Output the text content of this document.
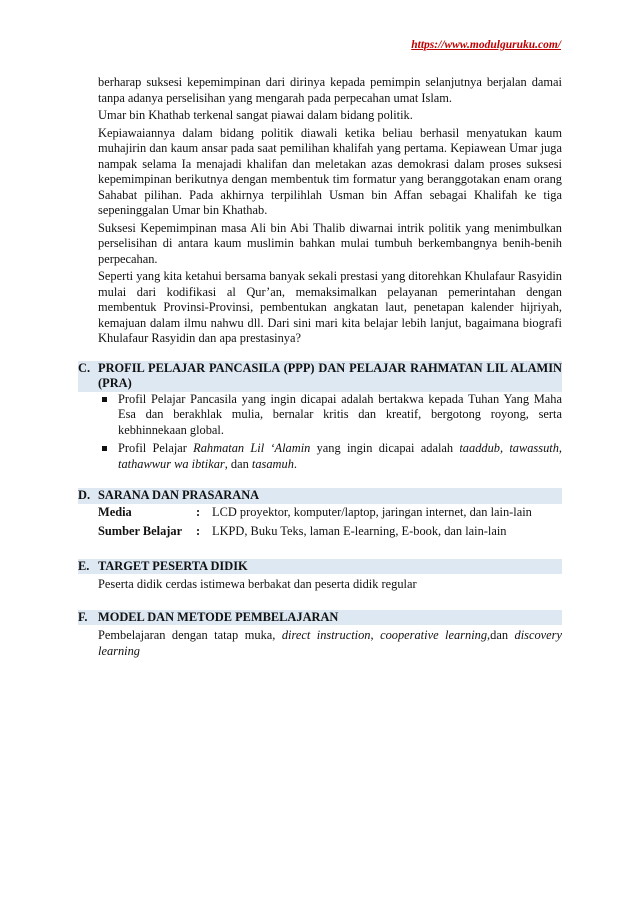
https://www.modulguruku.com/

berharap suksesi kepemimpinan dari dirinya kepada pemimpin selanjutnya berjalan damai tanpa adanya perselisihan yang mengarah pada perpecahan umat Islam.

Umar bin Khathab terkenal sangat piawai dalam bidang politik.

Kepiawaiannya dalam bidang politik diawali ketika beliau berhasil menyatukan kaum muhajirin dan kaum ansar pada saat pemilihan khalifah yang pertama. Kepiawean Umar juga nampak selama Ia menajadi khalifan dan meletakan azas demokrasi dalam proses suksesi kepemimpinan berikutnya dengan membentuk tim formatur yang beranggotakan enam orang Sahabat pilihan. Pada akhirnya terpilihlah Usman bin Affan sebagai Khalifah ke tiga sepeninggalan Umar bin Khathab.

Suksesi Kepemimpinan masa Ali bin Abi Thalib diwarnai intrik politik yang menimbulkan perselisihan di antara kaum muslimin bahkan mulai tumbuh berkembangnya benih-benih perpecahan.

Seperti yang kita ketahui bersama banyak sekali prestasi yang ditorehkan Khulafaur Rasyidin mulai dari kodifikasi al Qur’an, memaksimalkan pelayanan pemerintahan dengan membentuk Provinsi-Provinsi, pembentukan angkatan laut, penetapan kalender hijriyah, kemajuan dalam ilmu nahwu dll. Dari sini mari kita belajar lebih lanjut, bagaimana biografi Khulafaur Rasyidin dan apa prestasinya?

C. PROFIL PELAJAR PANCASILA (PPP) DAN PELAJAR RAHMATAN LIL ALAMIN (PRA)
Profil Pelajar Pancasila yang ingin dicapai adalah bertakwa kepada Tuhan Yang Maha Esa dan berakhlak mulia, bernalar kritis dan kreatif, bergotong royong, serta kebhinnekaan global.
Profil Pelajar Rahmatan Lil ‘Alamin yang ingin dicapai adalah taaddub, tawassuth, tathawwur wa ibtikar, dan tasamuh.
D. SARANA DAN PRASARANA
Media	:	LCD proyektor, komputer/laptop, jaringan internet, dan lain-lain
Sumber Belajar	:	LKPD, Buku Teks, laman E-learning, E-book, dan lain-lain
E. TARGET PESERTA DIDIK

Peserta didik cerdas istimewa berbakat dan peserta didik regular

F. MODEL DAN METODE PEMBELAJARAN

Pembelajaran dengan tatap muka, direct instruction, cooperative learning,dan discovery learning
